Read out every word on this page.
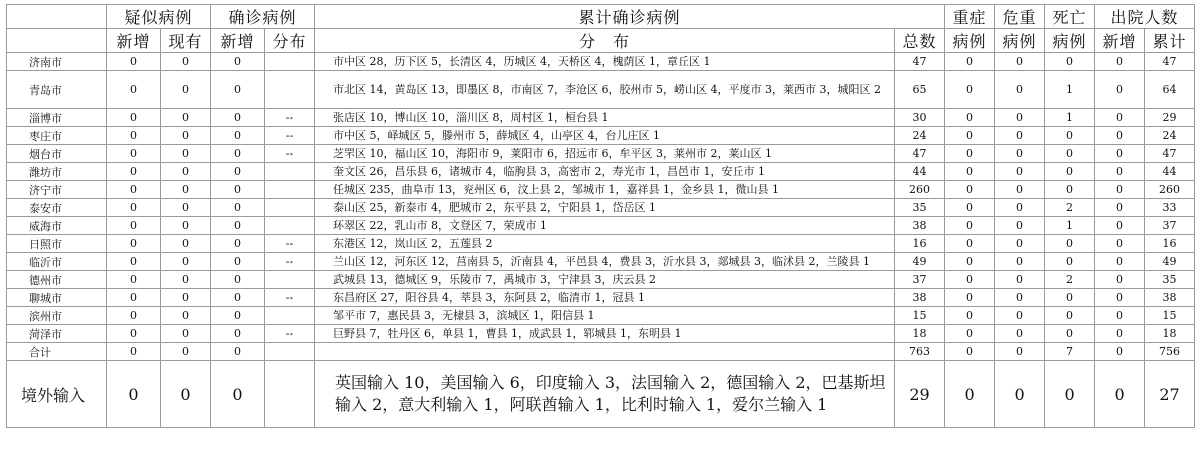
	疑似病例		确诊病例		累计确诊病例		重症	危重	死亡	出院人数	
	新增	现有	新增	分布	分　布	总数	病例	病例	病例	新增	累计
济南市	0	0	0		市中区 28，历下区 5，长清区 4，历城区 4，天桥区 4，槐荫区 1，章丘区 1	47	0	0	0	0	47
青岛市	0	0	0		市北区 14，黄岛区 13，即墨区 8，市南区 7，李沧区 6，胶州市 5，崂山区 4，平度市 3，莱西市 3，城阳区 2	65	0	0	1	0	64
淄博市	0	0	0	--	张店区 10，博山区 10，淄川区 8，周村区 1，桓台县 1	30	0	0	1	0	29
枣庄市	0	0	0	--	市中区 5，峄城区 5，滕州市 5，薛城区 4，山亭区 4，台儿庄区 1	24	0	0	0	0	24
烟台市	0	0	0	--	芝罘区 10，福山区 10，海阳市 9，莱阳市 6，招远市 6，牟平区 3，莱州市 2，莱山区 1	47	0	0	0	0	47
潍坊市	0	0	0		奎文区 26，昌乐县 6，诸城市 4，临朐县 3，高密市 2，寿光市 1，昌邑市 1，安丘市 1	44	0	0	0	0	44
济宁市	0	0	0		任城区 235，曲阜市 13，兖州区 6，汶上县 2，邹城市 1，嘉祥县 1，金乡县 1，微山县 1	260	0	0	0	0	260
泰安市	0	0	0		泰山区 25，新泰市 4，肥城市 2，东平县 2，宁阳县 1，岱岳区 1	35	0	0	2	0	33
威海市	0	0	0		环翠区 22，乳山市 8，文登区 7，荣成市 1	38	0	0	1	0	37
日照市	0	0	0	--	东港区 12，岚山区 2，五莲县 2	16	0	0	0	0	16
临沂市	0	0	0	--	兰山区 12，河东区 12，莒南县 5，沂南县 4，平邑县 4，费县 3，沂水县 3，郯城县 3，临沭县 2，兰陵县 1	49	0	0	0	0	49
德州市	0	0	0		武城县 13，德城区 9，乐陵市 7，禹城市 3，宁津县 3，庆云县 2	37	0	0	2	0	35
聊城市	0	0	0	--	东昌府区 27，阳谷县 4，莘县 3，东阿县 2，临清市 1，冠县 1	38	0	0	0	0	38
滨州市	0	0	0		邹平市 7，惠民县 3，无棣县 3，滨城区 1，阳信县 1	15	0	0	0	0	15
菏泽市	0	0	0	--	巨野县 7，牡丹区 6，单县 1，曹县 1，成武县 1，郓城县 1，东明县 1	18	0	0	0	0	18
合计	0	0	0			763	0	0	7	0	756
境外输入	0	0	0		英国输入 10，美国输入 6，印度输入 3，法国输入 2，德国输入 2，巴基斯坦输入 2，意大利输入 1，阿联酋输入 1，比利时输入 1，爱尔兰输入 1	29	0	0	0	0	27
